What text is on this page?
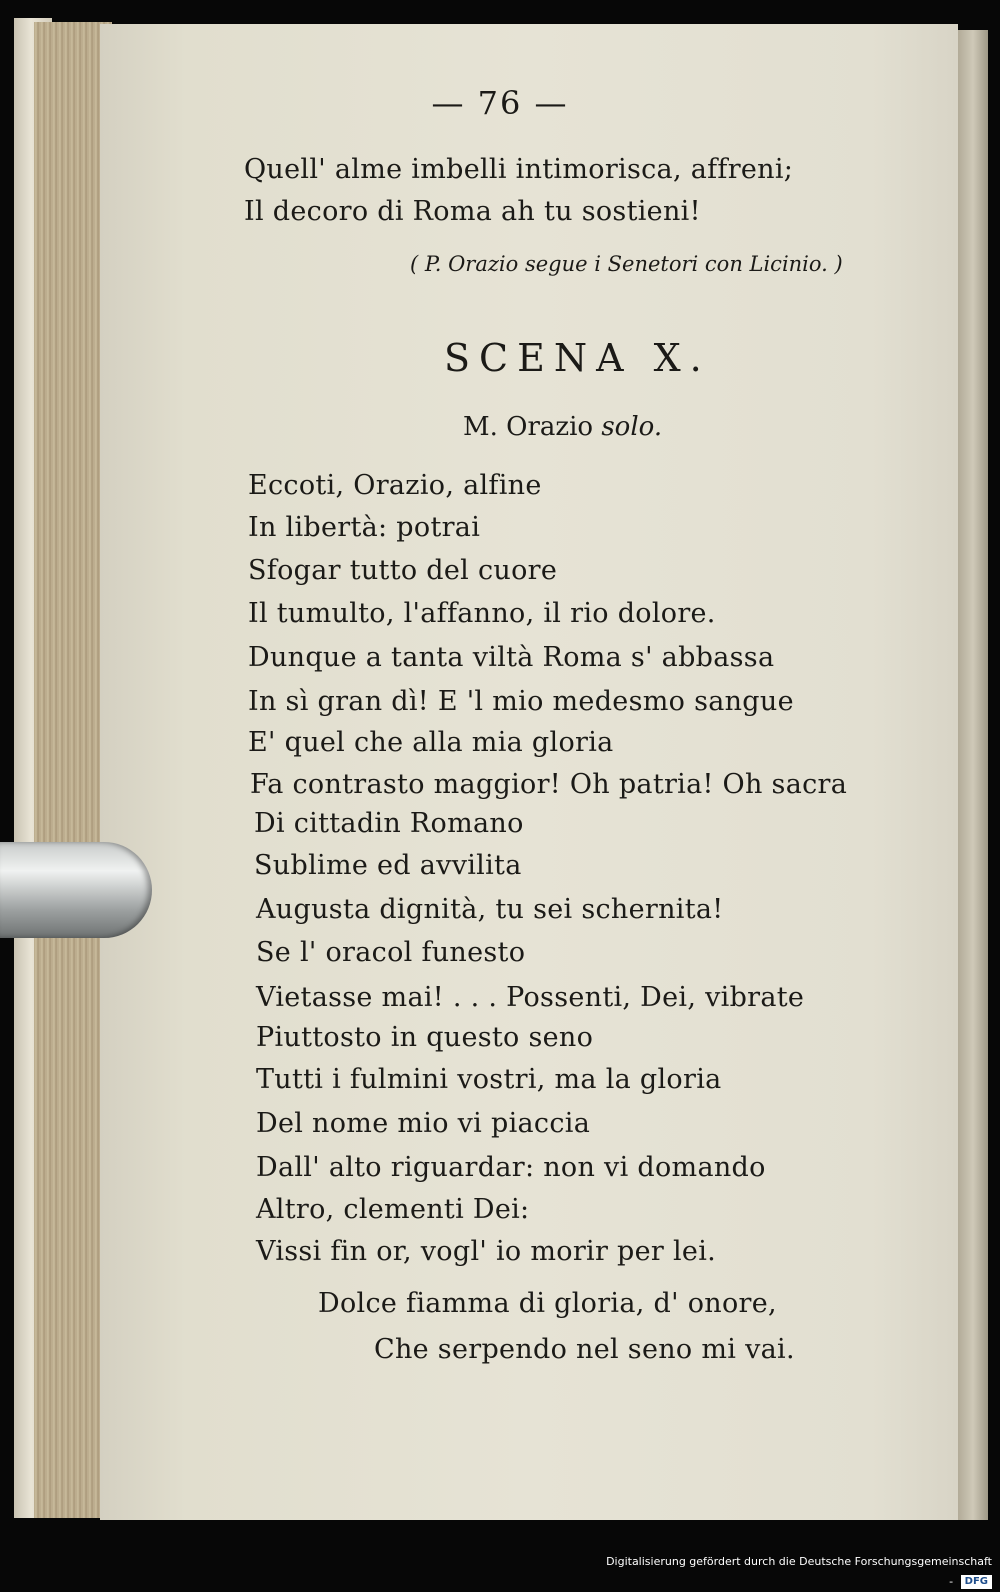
— 76 —
Quell' alme imbelli intimorisca, affreni;
Il decoro di Roma ah tu sostieni!
( P. Orazio segue i Senetori con Licinio. )
SCENA X.
M. Orazio solo.
Eccoti, Orazio, alfine
In libertà: potrai
Sfogar tutto del cuore
Il tumulto, l'affanno, il rio dolore.
Dunque a tanta viltà Roma s' abbassa
In sì gran dì! E 'l mio medesmo sangue
E' quel che alla mia gloria
Fa contrasto maggior! Oh patria! Oh sacra
Di cittadin Romano
Sublime ed avvilita
Augusta dignità, tu sei schernita!
Se l' oracol funesto
Vietasse mai! . . . Possenti, Dei, vibrate
Piuttosto in questo seno
Tutti i fulmini vostri, ma la gloria
Del nome mio vi piaccia
Dall' alto riguardar: non vi domando
Altro, clementi Dei:
Vissi fin or, vogl' io morir per lei.
Dolce fiamma di gloria, d' onore,
Che serpendo nel seno mi vai.
Digitalisierung gefördert durch die Deutsche Forschungsgemeinschaft - DFG
